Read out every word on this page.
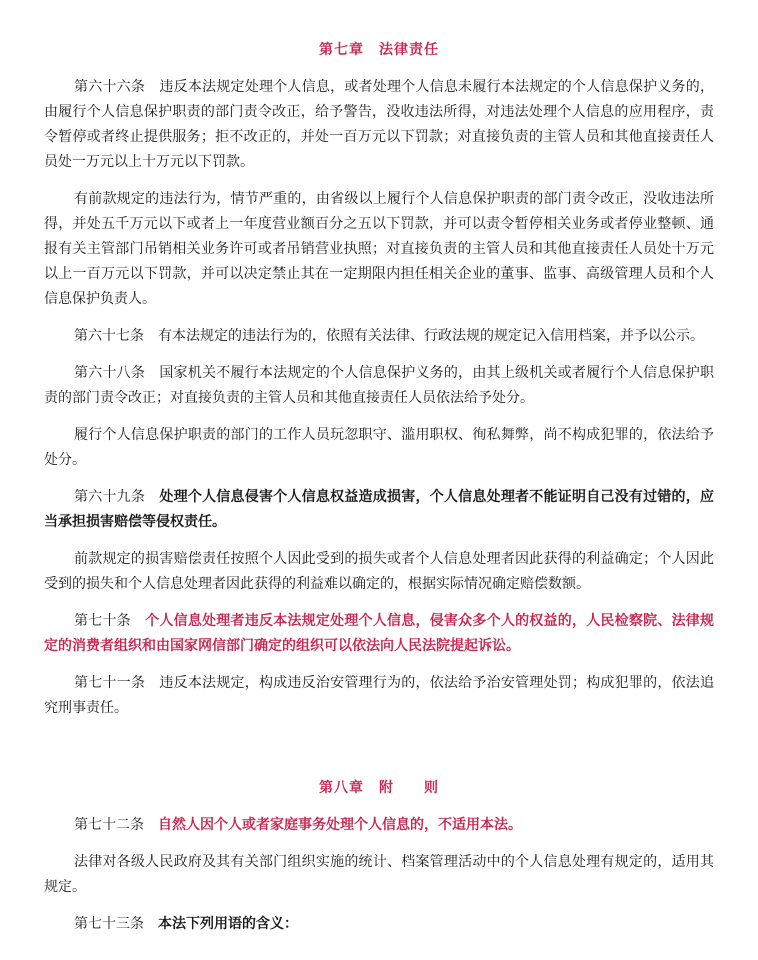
第七章　法律责任

第六十六条　 违反本法规定处理个人信息，或者处理个人信息未履行本法规定的个人信息保护义务的，由履行个人信息保护职责的部门责令改正，给予警告，没收违法所得，对违法处理个人信息的应用程序，责令暂停或者终止提供服务；拒不改正的，并处一百万元以下罚款；对直接负责的主管人员和其他直接责任人员处一万元以上十万元以下罚款。

有前款规定的违法行为，情节严重的，由省级以上履行个人信息保护职责的部门责令改正，没收违法所得，并处五千万元以下或者上一年度营业额百分之五以下罚款，并可以责令暂停相关业务或者停业整顿、通报有关主管部门吊销相关业务许可或者吊销营业执照；对直接负责的主管人员和其他直接责任人员处十万元以上一百万元以下罚款，并可以决定禁止其在一定期限内担任相关企业的董事、监事、高级管理人员和个人信息保护负责人。

第六十七条　 有本法规定的违法行为的，依照有关法律、行政法规的规定记入信用档案，并予以公示。

第六十八条　 国家机关不履行本法规定的个人信息保护义务的，由其上级机关或者履行个人信息保护职责的部门责令改正；对直接负责的主管人员和其他直接责任人员依法给予处分。

履行个人信息保护职责的部门的工作人员玩忽职守、滥用职权、徇私舞弊，尚不构成犯罪的，依法给予处分。

第六十九条　 处理个人信息侵害个人信息权益造成损害，个人信息处理者不能证明自己没有过错的，应当承担损害赔偿等侵权责任。

前款规定的损害赔偿责任按照个人因此受到的损失或者个人信息处理者因此获得的利益确定；个人因此受到的损失和个人信息处理者因此获得的利益难以确定的，根据实际情况确定赔偿数额。

第七十条　 个人信息处理者违反本法规定处理个人信息，侵害众多个人的权益的，人民检察院、法律规定的消费者组织和由国家网信部门确定的组织可以依法向人民法院提起诉讼。

第七十一条　 违反本法规定，构成违反治安管理行为的，依法给予治安管理处罚；构成犯罪的，依法追究刑事责任。

第八章　附　　则

第七十二条　 自然人因个人或者家庭事务处理个人信息的，不适用本法。

法律对各级人民政府及其有关部门组织实施的统计、档案管理活动中的个人信息处理有规定的，适用其规定。

第七十三条　 本法下列用语的含义：
